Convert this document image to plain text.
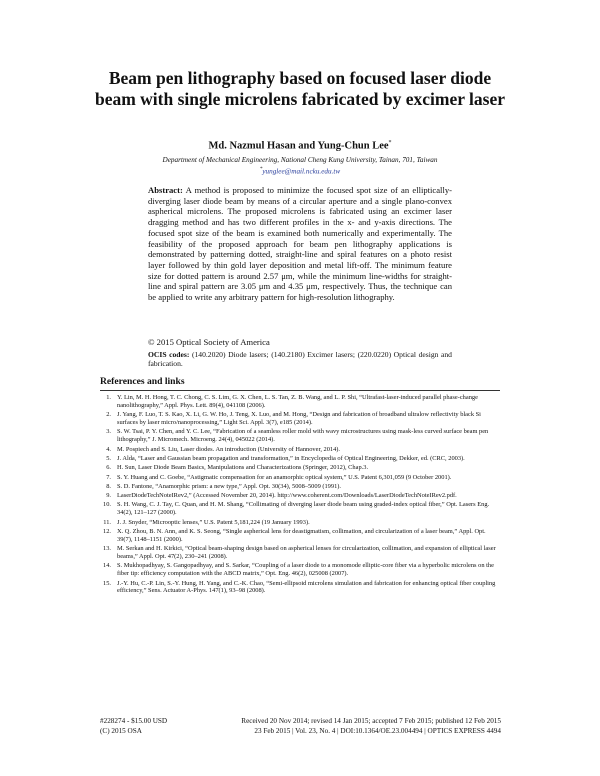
Beam pen lithography based on focused laser diode beam with single microlens fabricated by excimer laser
Md. Nazmul Hasan and Yung-Chun Lee*
Department of Mechanical Engineering, National Cheng Kung University, Tainan, 701, Taiwan
*yunglee@mail.ncku.edu.tw

Abstract: A method is proposed to minimize the focused spot size of an elliptically-diverging laser diode beam by means of a circular aperture and a single plano-convex aspherical microlens. The proposed microlens is fabricated using an excimer laser dragging method and has two different profiles in the x- and y-axis directions. The focused spot size of the beam is examined both numerically and experimentally. The feasibility of the proposed approach for beam pen lithography applications is demonstrated by patterning dotted, straight-line and spiral features on a photo resist layer followed by thin gold layer deposition and metal lift-off. The minimum feature size for dotted pattern is around 2.57 μm, while the minimum line-widths for straight-line and spiral pattern are 3.05 μm and 4.35 μm, respectively. Thus, the technique can be applied to write any arbitrary pattern for high-resolution lithography.

© 2015 Optical Society of America
OCIS codes: (140.2020) Diode lasers; (140.2180) Excimer lasers; (220.0220) Optical design and fabrication.
References and links
1. Y. Lin, M. H. Hong, T. C. Chong, C. S. Lim, G. X. Chen, L. S. Tan, Z. B. Wang, and L. P. Shi, “Ultrafast-laser-induced parallel phase-change nanolithography,” Appl. Phys. Lett. 89(4), 041108 (2006).
2. J. Yang, F. Luo, T. S. Kao, X. Li, G. W. Ho, J. Teng, X. Luo, and M. Hong, “Design and fabrication of broadband ultralow reflectivity black Si surfaces by laser micro/nanoprocessing,” Light Sci. Appl. 3(7), e185 (2014).
3. S. W. Tsai, P. Y. Chen, and Y. C. Lee, “Fabrication of a seamless roller mold with wavy microstructures using mask-less curved surface beam pen lithography,” J. Micromech. Microeng. 24(4), 045022 (2014).
4. M. Pospiech and S. Liu, Laser diodes. An introduction (University of Hannover, 2014).
5. J. Alda, “Laser and Gaussian beam propagation and transformation,” in Encyclopedia of Optical Engineering, Dekker, ed. (CRC, 2003).
6. H. Sun, Laser Diode Beam Basics, Manipulations and Characterizations (Springer, 2012), Chap.3.
7. S. Y. Huang and C. Goebe, “Astigmatic compensation for an anamorphic optical system,” U.S. Patent 6,301,059 (9 October 2001).
8. S. D. Fantone, “Anamorphic prism: a new type,” Appl. Opt. 30(34), 5008–5009 (1991).
9. LaserDiodeTechNoteIRev2,” (Accessed November 20, 2014). http://www.coherent.com/Downloads/LaserDiodeTechNoteIRev2.pdf.
10. S. H. Wang, C. J. Tay, C. Quan, and H. M. Shang, “Collimating of diverging laser diode beam using graded-index optical fiber,” Opt. Lasers Eng. 34(2), 121–127 (2000).
11. J. J. Snyder, “Microoptic lenses,” U.S. Patent 5,181,224 (19 January 1993).
12. X. Q. Zhou, B. N. Ann, and K. S. Seong, “Single aspherical lens for deastigmatism, collimation, and circularization of a laser beam,” Appl. Opt. 39(7), 1148–1151 (2000).
13. M. Serkan and H. Kirkici, “Optical beam-shaping design based on aspherical lenses for circularization, collimation, and expansion of elliptical laser beams,” Appl. Opt. 47(2), 230–241 (2008).
14. S. Mukhopadhyay, S. Gangopadhyay, and S. Sarkar, “Coupling of a laser diode to a monomode elliptic-core fiber via a hyperbolic microlens on the fiber tip: efficiency computation with the ABCD matrix,” Opt. Eng. 46(2), 025008 (2007).
15. J.-Y. Hu, C.-P. Lin, S.-Y. Hung, H. Yang, and C.-K. Chao, “Semi-ellipsoid microlens simulation and fabrication for enhancing optical fiber coupling efficiency,” Sens. Actuator A-Phys. 147(1), 93–98 (2008).
#228274 - $15.00 USD
(C) 2015 OSA
Received 20 Nov 2014; revised 14 Jan 2015; accepted 7 Feb 2015; published 12 Feb 2015
23 Feb 2015 | Vol. 23, No. 4 | DOI:10.1364/OE.23.004494 | OPTICS EXPRESS 4494
